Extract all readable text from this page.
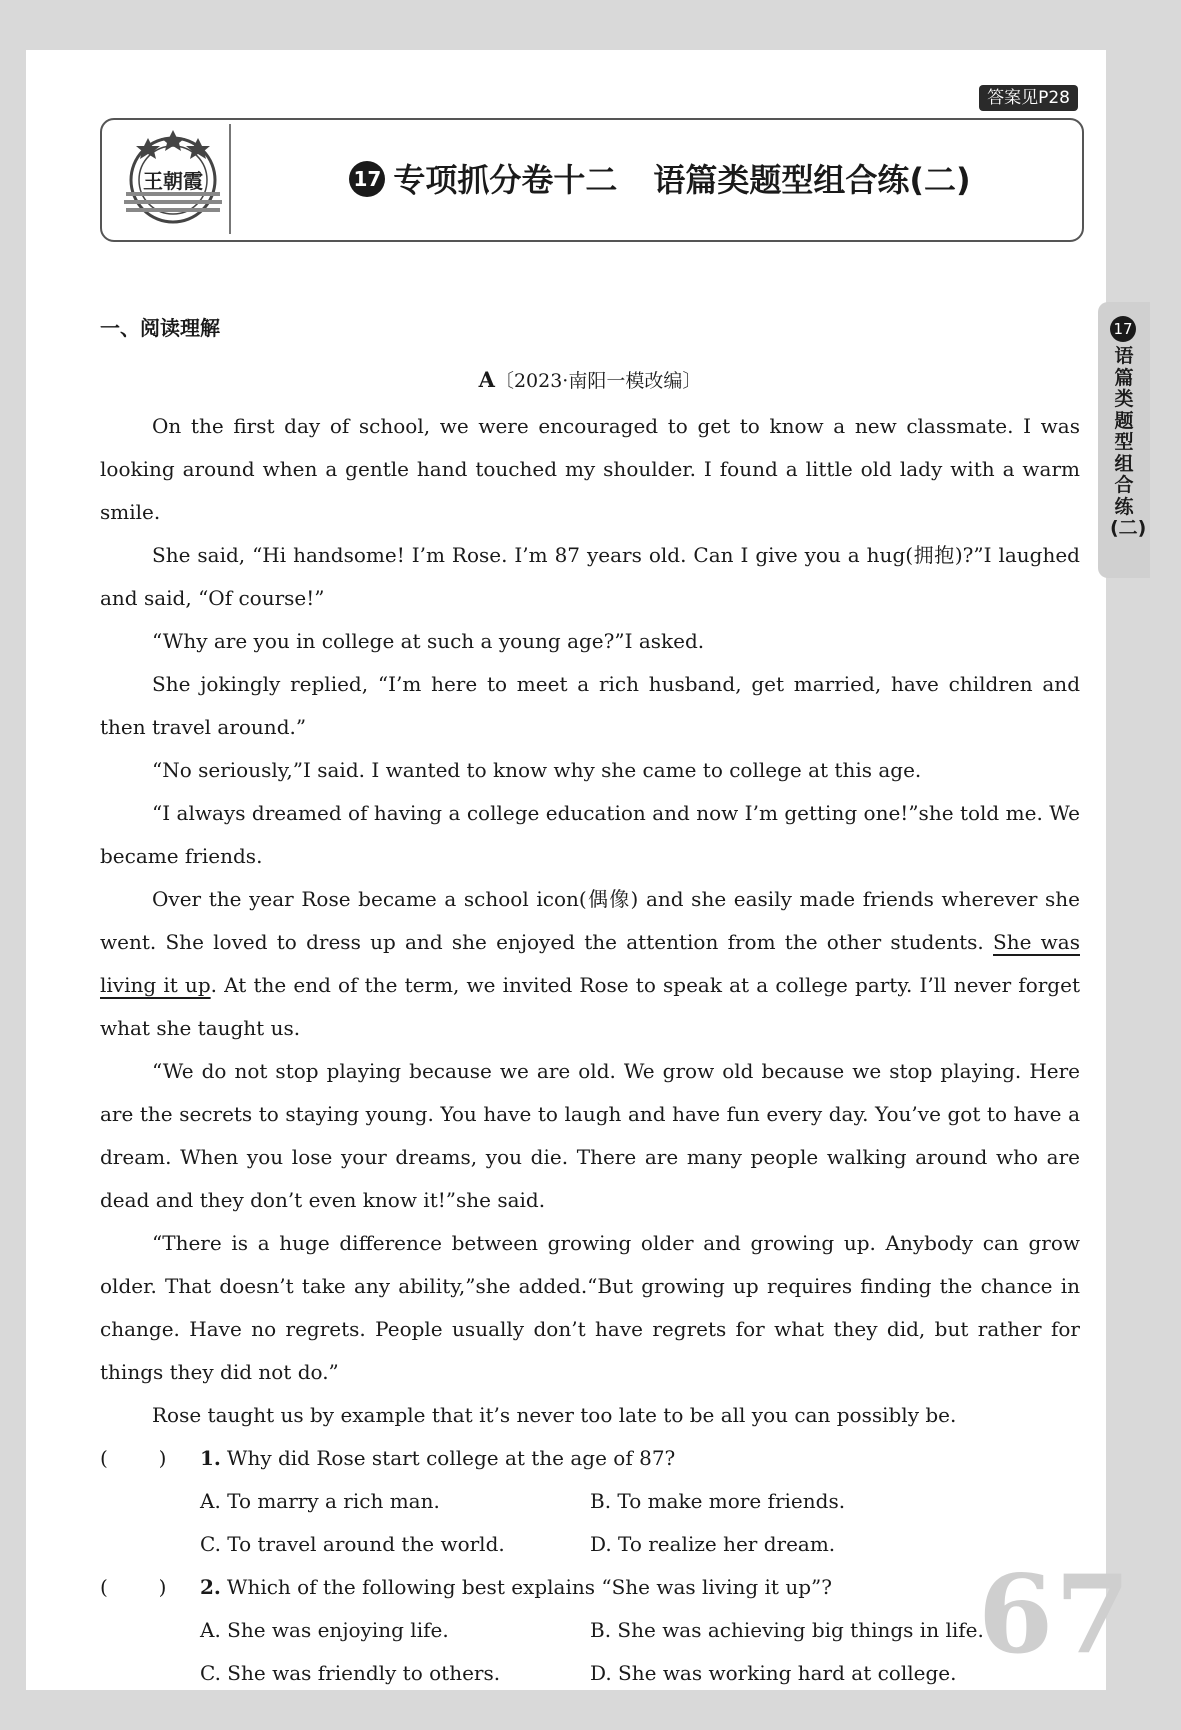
答案见P28
王朝霞	17 专项抓分卷十二 语篇类题型组合练(二)
17
语篇类题型组合练(二)
一、阅读理解
A〔2023·南阳一模改编〕
67

On the first day of school, we were encouraged to get to know a new classmate. I was looking around when a gentle hand touched my shoulder. I found a little old lady with a warm smile.

She said, “Hi handsome! I’m Rose. I’m 87 years old. Can I give you a hug(拥抱)?”I laughed and said, “Of course!”

“Why are you in college at such a young age?”I asked.

She jokingly replied, “I’m here to meet a rich husband, get married, have children and then travel around.”

“No seriously,”I said. I wanted to know why she came to college at this age.

“I always dreamed of having a college education and now I’m getting one!”she told me. We became friends.

Over the year Rose became a school icon(偶像) and she easily made friends wherever she went. She loved to dress up and she enjoyed the attention from the other students. She was living it up. At the end of the term, we invited Rose to speak at a college party. I’ll never forget what she taught us.

“We do not stop playing because we are old. We grow old because we stop playing. Here are the secrets to staying young. You have to laugh and have fun every day. You’ve got to have a dream. When you lose your dreams, you die. There are many people walking around who are dead and they don’t even know it!”she said.

“There is a huge difference between growing older and growing up. Anybody can grow older. That doesn’t take any ability,”she added.“But growing up requires finding the chance in change. Have no regrets. People usually don’t have regrets for what they did, but rather for things they did not do.”

Rose taught us by example that it’s never too late to be all you can possibly be.

(        )	1. Why did Rose start college at the age of 87?
A. To marry a rich man.	B. To make more friends.
C. To travel around the world.	D. To realize her dream.
(        )	2. Which of the following best explains “She was living it up”?
A. She was enjoying life.	B. She was achieving big things in life.
C. She was friendly to others.	D. She was working hard at college.
